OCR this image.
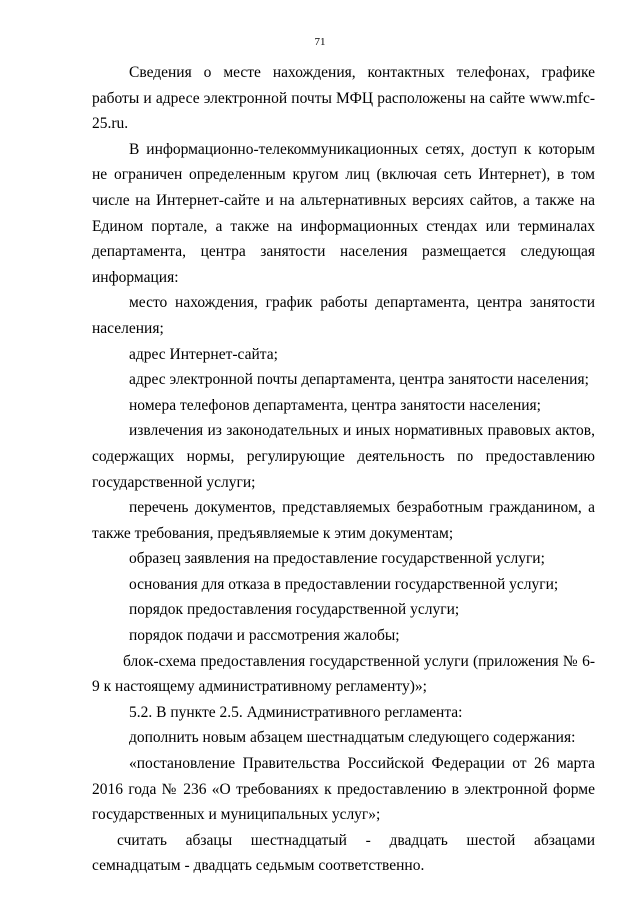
71

Сведения о месте нахождения, контактных телефонах, графике работы и адресе электронной почты МФЦ расположены на сайте www.mfc-25.ru.

В информационно-телекоммуникационных сетях, доступ к которым не ограничен определенным кругом лиц (включая сеть Интернет), в том числе на Интернет-сайте и на альтернативных версиях сайтов, а также на Едином портале, а также на информационных стендах или терминалах департамента, центра занятости населения размещается следующая информация:

место нахождения, график работы департамента, центра занятости населения;

адрес Интернет-сайта;

адрес электронной почты департамента, центра занятости населения;

номера телефонов департамента, центра занятости населения;

извлечения из законодательных и иных нормативных правовых актов, содержащих нормы, регулирующие деятельность по предоставлению государственной услуги;

перечень документов, представляемых безработным гражданином, а также требования, предъявляемые к этим документам;

образец заявления на предоставление государственной услуги;

основания для отказа в предоставлении государственной услуги;

порядок предоставления государственной услуги;

порядок подачи и рассмотрения жалобы;

блок-схема предоставления государственной услуги (приложения № 6-9 к настоящему административному регламенту)»;

5.2. В пункте 2.5. Административного регламента:

дополнить новым абзацем шестнадцатым следующего содержания:

«постановление Правительства Российской Федерации от 26 марта 2016 года № 236 «О требованиях к предоставлению в электронной форме государственных и муниципальных услуг»;

считать абзацы шестнадцатый - двадцать шестой абзацами семнадцатым - двадцать седьмым соответственно.
